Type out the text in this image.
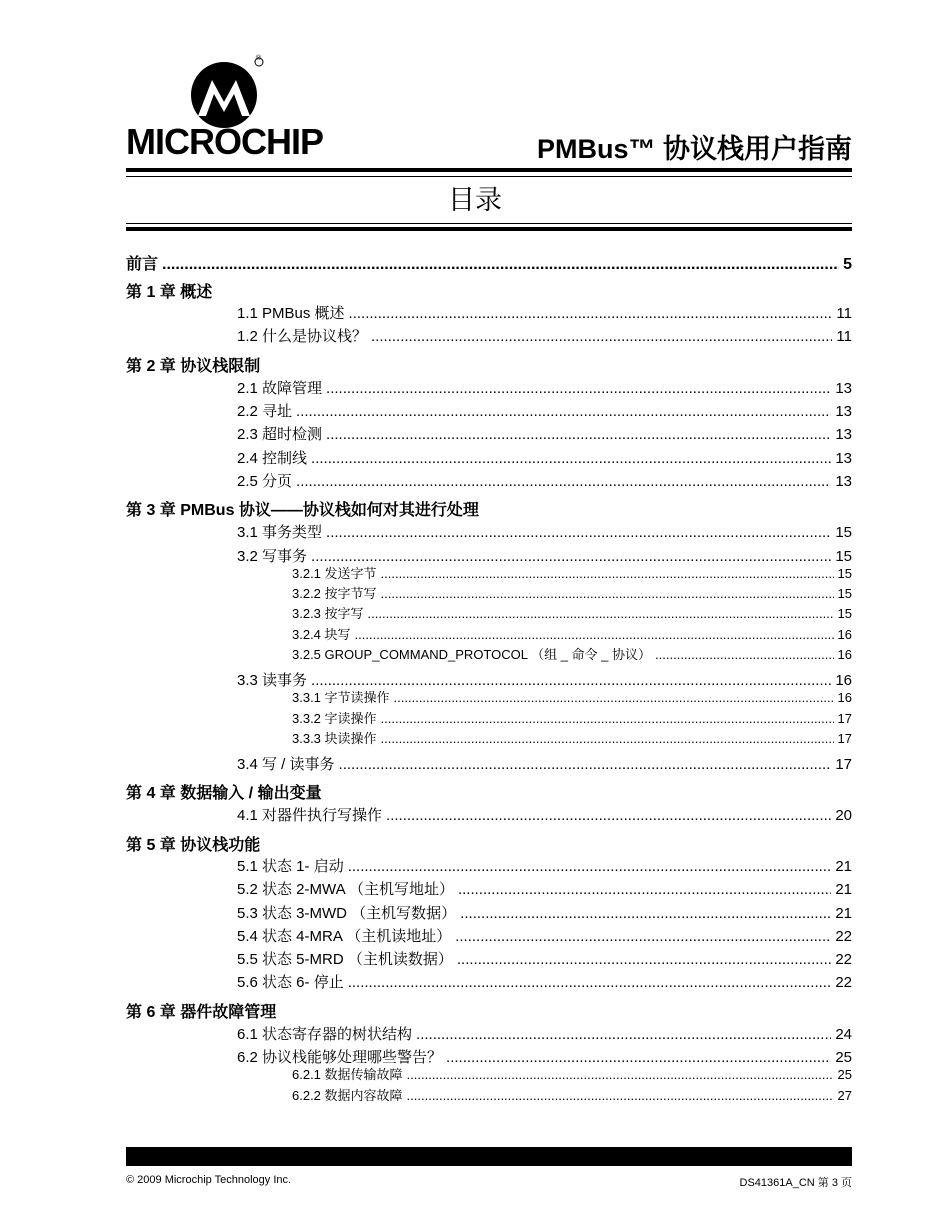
®
MICROCHIP	PMBus™ 协议栈用户指南
目录
前言 .....	5
第 1 章 概述
第 2 章 协议栈限制
第 3 章 PMBus 协议——协议栈如何对其进行处理
第 4 章 数据输入 / 输出变量
第 5 章 协议栈功能
第 6 章 器件故障管理
1.1 PMBus 概述 .....	11
1.2 什么是协议栈？ .....	11
2.1 故障管理 .....	13
2.2 寻址 .....	13
2.3 超时检测 .....	13
2.4 控制线 .....	13
2.5 分页 .....	13
3.1 事务类型 .....	15
3.2 写事务 .....	15
3.2.1 发送字节 .....	15
3.2.2 按字节写 .....	15
3.2.3 按字写 .....	15
3.2.4 块写 .....	16
3.2.5 GROUP_COMMAND_PROTOCOL （组 _ 命令 _ 协议） .....	16
3.3 读事务 .....	16
3.3.1 字节读操作 .....	16
3.3.2 字读操作 .....	17
3.3.3 块读操作 .....	17
3.4 写 / 读事务 .....	17
4.1 对器件执行写操作 .....	20
5.1 状态 1- 启动 .....	21
5.2 状态 2-MWA （主机写地址） .....	21
5.3 状态 3-MWD （主机写数据） .....	21
5.4 状态 4-MRA （主机读地址） .....	22
5.5 状态 5-MRD （主机读数据） .....	22
5.6 状态 6- 停止 .....	22
6.1 状态寄存器的树状结构 .....	24
6.2 协议栈能够处理哪些警告？ .....	25
6.2.1 数据传输故障 .....	25
6.2.2 数据内容故障 .....	27
© 2009 Microchip Technology Inc.	DS41361A_CN 第 3 页
